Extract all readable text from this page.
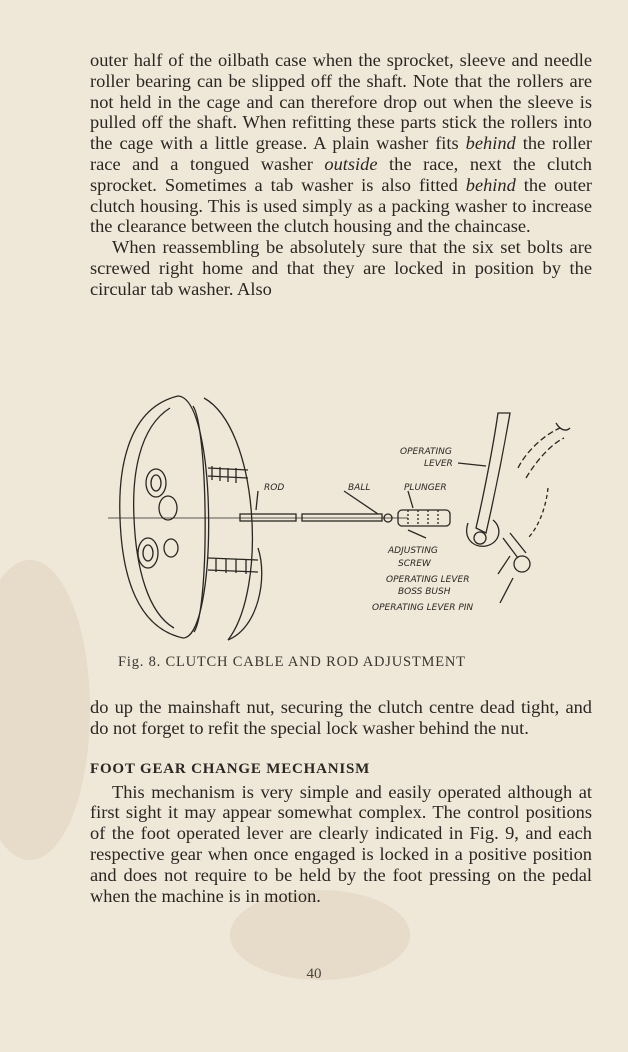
outer half of the oilbath case when the sprocket, sleeve and needle roller bearing can be slipped off the shaft. Note that the rollers are not held in the cage and can therefore drop out when the sleeve is pulled off the shaft. When refitting these parts stick the rollers into the cage with a little grease. A plain washer fits behind the roller race and a tongued washer outside the race, next the clutch sprocket. Sometimes a tab washer is also fitted behind the outer clutch housing. This is used simply as a packing washer to increase the clearance between the clutch housing and the chaincase.

When reassembling be absolutely sure that the six set bolts are screwed right home and that they are locked in position by the circular tab washer. Also

ROD	BALL	PLUNGER
OPERATING
LEVER
ADJUSTING
SCREW
OPERATING LEVER
BOSS BUSH
OPERATING LEVER PIN
Fig. 8. CLUTCH CABLE AND ROD ADJUSTMENT

do up the mainshaft nut, securing the clutch centre dead tight, and do not forget to refit the special lock washer behind the nut.

FOOT GEAR CHANGE MECHANISM

This mechanism is very simple and easily operated although at first sight it may appear somewhat complex. The control positions of the foot operated lever are clearly indicated in Fig. 9, and each respective gear when once engaged is locked in a positive position and does not require to be held by the foot pressing on the pedal when the machine is in motion.

40
